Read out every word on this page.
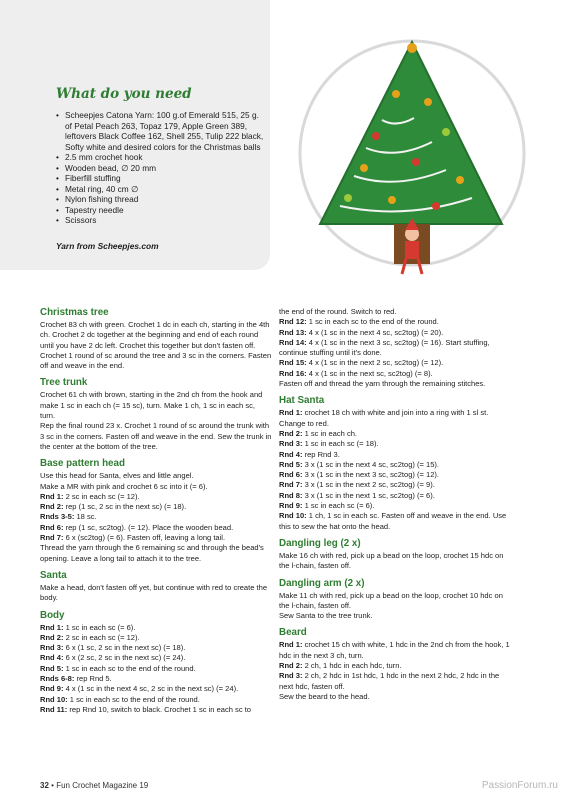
What do you need
• Scheepjes Catona Yarn: 100 g.of Emerald 515, 25 g. of Petal Peach 263, Topaz 179, Apple Green 389, leftovers Black Coffee 162, Shell 255, Tulip 222 black, Softy white and desired colors for the Christmas balls
• 2.5 mm crochet hook
• Wooden bead, ∅ 20 mm
• Fiberfill stuffing
• Metal ring, 40 cm ∅
• Nylon fishing thread
• Tapestry needle
• Scissors
Yarn from Scheepjes.com
Christmas tree

Crochet 83 ch with green. Crochet 1 dc in each ch, starting in the 4th ch. Crochet 2 dc together at the beginning and end of each round until you have 2 dc left. Crochet this together but don't fasten off. Crochet 1 round of sc around the tree and 3 sc in the corners. Fasten off and weave in the end.

Tree trunk

Crochet 61 ch with brown, starting in the 2nd ch from the hook and make 1 sc in each ch (= 15 sc), turn. Make 1 ch, 1 sc in each sc, turn.

Rep the final round 23 x. Crochet 1 round of sc around the trunk with 3 sc in the corners. Fasten off and weave in the end. Sew the trunk in the center at the bottom of the tree.

Base pattern head

Use this head for Santa, elves and little angel.

Make a MR with pink and crochet 6 sc into it (= 6).

Rnd 1: 2 sc in each sc (= 12).

Rnd 2: rep (1 sc, 2 sc in the next sc) (= 18).

Rnds 3-5: 18 sc.

Rnd 6: rep (1 sc, sc2tog). (= 12). Place the wooden bead.

Rnd 7: 6 x (sc2tog) (= 6). Fasten off, leaving a long tail.

Thread the yarn through the 6 remaining sc and through the bead's opening. Leave a long tail to attach it to the tree.

Santa

Make a head, don't fasten off yet, but continue with red to create the body.

Body

Rnd 1: 1 sc in each sc (= 6).

Rnd 2: 2 sc in each sc (= 12).

Rnd 3: 6 x (1 sc, 2 sc in the next sc) (= 18).

Rnd 4: 6 x (2 sc, 2 sc in the next sc) (= 24).

Rnd 5: 1 sc in each sc to the end of the round.

Rnds 6-8: rep Rnd 5.

Rnd 9: 4 x (1 sc in the next 4 sc, 2 sc in the next sc) (= 24).

Rnd 10: 1 sc in each sc to the end of the round.

Rnd 11: rep Rnd 10, switch to black. Crochet 1 sc in each sc to

the end of the round. Switch to red.

Rnd 12: 1 sc in each sc to the end of the round.

Rnd 13: 4 x (1 sc in the next 4 sc, sc2tog) (= 20).

Rnd 14: 4 x (1 sc in the next 3 sc, sc2tog) (= 16). Start stuffing, continue stuffing until it's done.

Rnd 15: 4 x (1 sc in the next 2 sc, sc2tog) (= 12).

Rnd 16: 4 x (1 sc in the next sc, sc2tog) (= 8).

Fasten off and thread the yarn through the remaining stitches.

Hat Santa

Rnd 1: crochet 18 ch with white and join into a ring with 1 sl st. Change to red.

Rnd 2: 1 sc in each ch.

Rnd 3: 1 sc in each sc (= 18).

Rnd 4: rep Rnd 3.

Rnd 5: 3 x (1 sc in the next 4 sc, sc2tog) (= 15).

Rnd 6: 3 x (1 sc in the next 3 sc, sc2tog) (= 12).

Rnd 7: 3 x (1 sc in the next 2 sc, sc2tog) (= 9).

Rnd 8: 3 x (1 sc in the next 1 sc, sc2tog) (= 6).

Rnd 9: 1 sc in each sc (= 6).

Rnd 10: 1 ch, 1 sc in each sc. Fasten off and weave in the end. Use this to sew the hat onto the head.

Dangling leg (2 x)

Make 16 ch with red, pick up a bead on the loop, crochet 15 hdc on the l-chain, fasten off.

Dangling arm (2 x)

Make 11 ch with red, pick up a bead on the loop, crochet 10 hdc on the l-chain, fasten off.

Sew Santa to the tree trunk.

Beard

Rnd 1: crochet 15 ch with white, 1 hdc in the 2nd ch from the hook, 1 hdc in the next 3 ch, turn.

Rnd 2: 2 ch, 1 hdc in each hdc, turn.

Rnd 3: 2 ch, 2 hdc in 1st hdc, 1 hdc in the next 2 hdc, 2 hdc in the next hdc, fasten off.

Sew the beard to the head.

32 • Fun Crochet Magazine 19	PassionForum.ru
